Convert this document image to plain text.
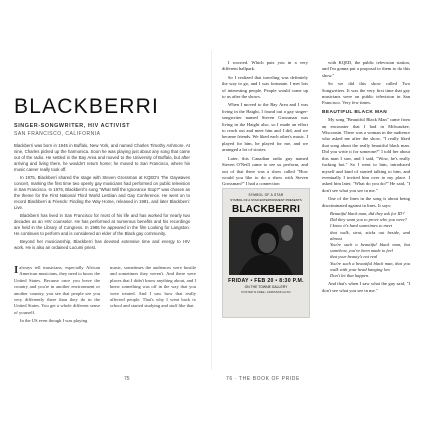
BLACKBERRI
SINGER-SONGWRITER, HIV ACTIVIST
SAN FRANCISCO, CALIFORNIA

Blackberri was born in 1945 in Buffalo, New York, and named Charles Timothy Ashmore. At nine, Charles picked up the harmonica. Soon he was playing just about any song that came out of the radio. He settled in the Bay Area and moved to the University of Buffalo, but after arriving and living there, he wouldn't return home; he moved to San Francisco, where his music career really took off.

In 1975, Blackberri shared the stage with Steven Grossman at KQED's The Gaywaves concert, marking the first time two openly gay musicians had performed on public television in San Francisco. In 1976, Blackberri's song "What Will the Ignorance Stop?" was chosen as the theme for the First National Third World Lesbian and Gay Conference. He went on to record Blackberri & Friends: Finding the Way Home, released in 1981, and later Blackberri: Live.

Blackberri has lived in San Francisco for most of his life and has worked for nearly two decades as an HIV counselor. He has performed at numerous benefits and his recordings are held in the Library of Congress. In 1986 he appeared in the film Looking for Langston. He continues to perform and is considered an elder of the Black gay community.

Beyond her musicianship, Blackberri has devoted extensive time and energy to HIV work. He is also an ordained Lucumi priest.

Ialways tell musicians, especially African American musicians, they need to know the United States. Because once you leave the country and you're in another environment or another country, you see that people see you very differently there than they do in the United States. You get a whole different sense of yourself.

In the US even though I was playing

music, sometimes the audiences were hostile and sometimes they weren't. And there were places that I didn't know anything about, and I knew something was off in the way that you were treated. And I saw how that really affected people. That's why I went back to school and started studying and stuff like that.

75

I worried. Which puts you in a very different ballpark.

So I realized that traveling was definitely the way to go, and I was fortunate. I met lots of interesting people. People would come up to us after the shows.

When I moved to the Bay Area and I was living in the Haight, I found out a gay singer-songwriter named Steven Grossman was living in the Haight also, so I made an effort to reach out and meet him and I did, and we became friends. We liked each other's music. I played for him, he played for me, and we arranged a lot of stories.

Later, this Canadian radio guy named Steven O'Neill came to see us perform, and out of that there was a show called "How would you like to do a show with Steven Grossman?" I had a connection

SYMBOL OF A STAR
SYMBOL OF A STAR ENTERTAINMENT PRESENTS
BLACKBERRI
FRIDAY • FEB 20 • 8:30 P.M.
ON THE TOWNE GALLERY
POSTER IS FREE • ADMISSION ALSO

with KQED, the public television station, and I'm gonna put a proposal to them to do this show."

So we did this show called Two Songwriters. It was the very first time that gay musicians were on public television in San Francisco. Very few times.

BEAUTIFUL BLACK MAN

My song "Beautiful Black Man" came from an encounter that I had in Milwaukee, Wisconsin. There was a woman in the audience who asked me after the show, "I really liked that song about the really beautiful black man. Did you write it for someone?" I told her about this man I saw, and I said, "Wow, he's really fucking hot." So I went to him, introduced myself and kind of started talking to him, and eventually I invited him over to my place. I asked him later, "What do you do?" He said, "I don't see what you see in me."

One of the lines in the song is about being discriminated against in lines. It says:

Beautiful black man, did they ask for ID?
Did they want you to prove who you were?
I know it's hard sometimes to meet
that walk, strut, sticks out beside, and almost
You're such a beautiful black man, but somehow, you've been made to feel
that your beauty's not real
You're such a beautiful black man, that you walk with your head hanging low
Don't let that happen.

And that's when I saw what the guy said, "I don't see what you see in me."

76 · THE BOOK OF PRIDE
